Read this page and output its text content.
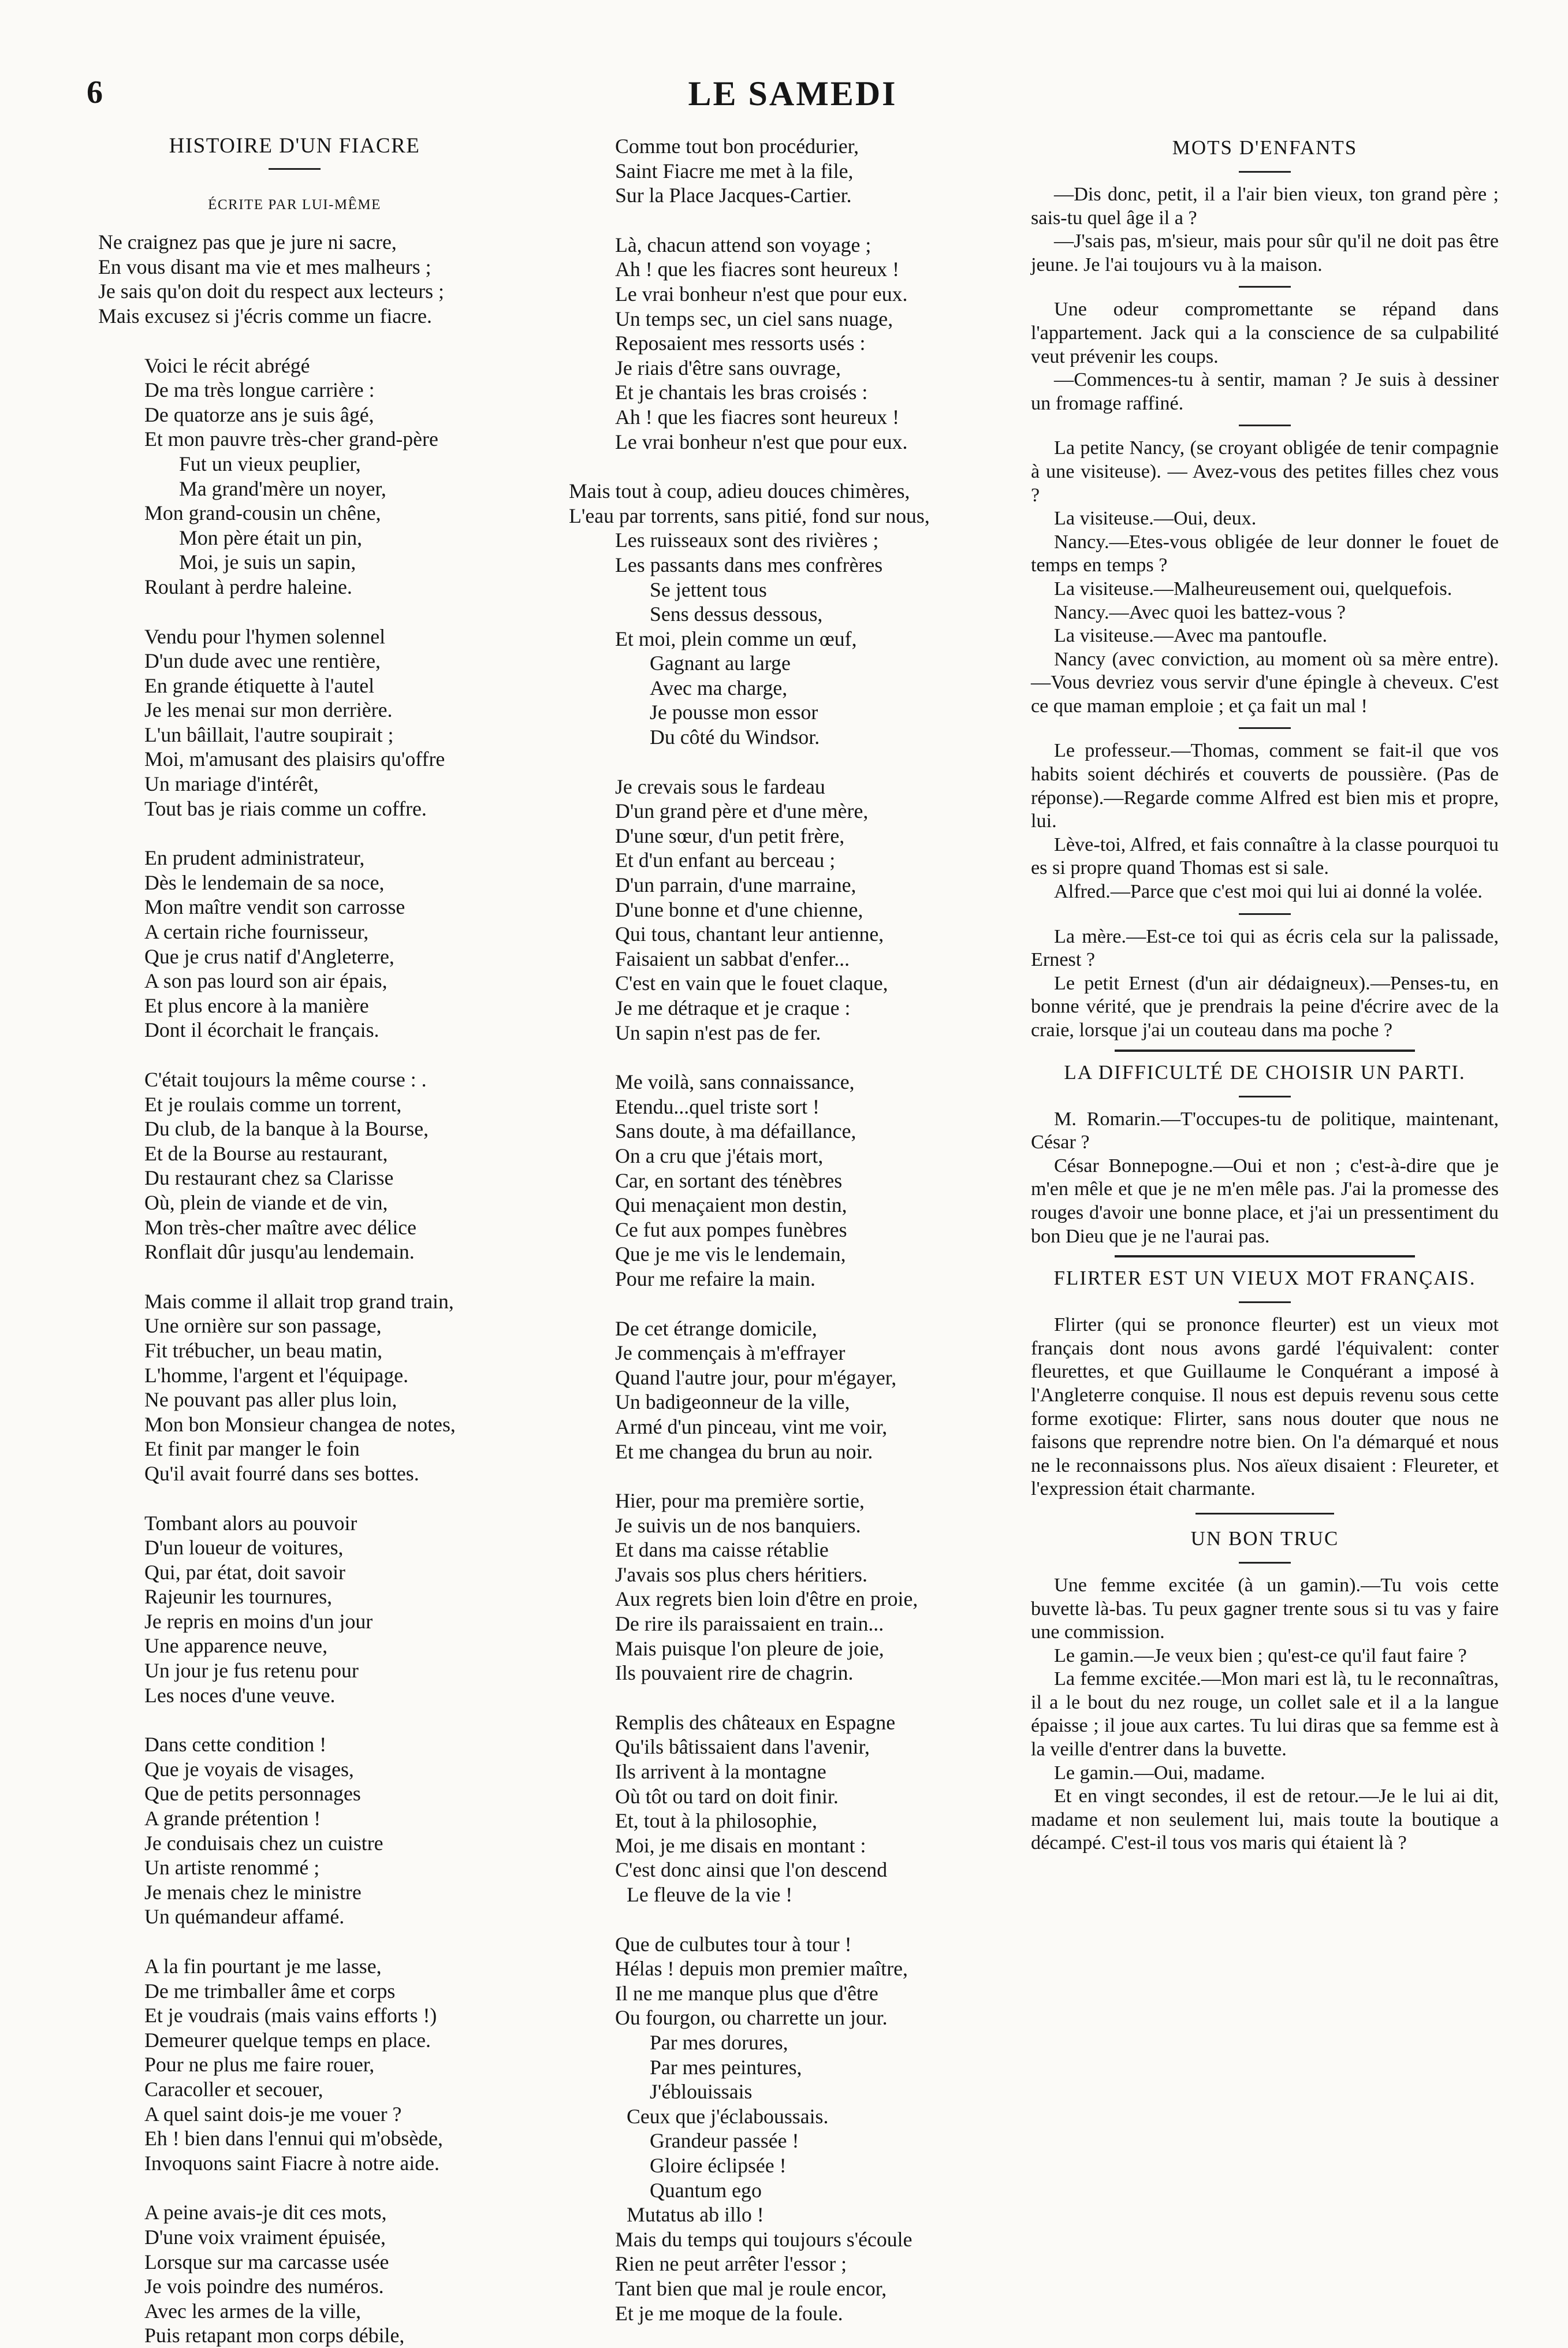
6	LE SAMEDI
HISTOIRE D'UN FIACRE
ÉCRITE PAR LUI-MÊME
Ne craignez pas que je jure ni sacre,
En vous disant ma vie et mes malheurs ;
Je sais qu'on doit du respect aux lecteurs ;
Mais excusez si j'écris comme un fiacre.
Voici le récit abrégé
De ma très longue carrière :
De quatorze ans je suis âgé,
Et mon pauvre très-cher grand-père
Fut un vieux peuplier,
Ma grand'mère un noyer,
Mon grand-cousin un chêne,
Mon père était un pin,
Moi, je suis un sapin,
Roulant à perdre haleine.
Vendu pour l'hymen solennel
D'un dude avec une rentière,
En grande étiquette à l'autel
Je les menai sur mon derrière.
L'un bâillait, l'autre soupirait ;
Moi, m'amusant des plaisirs qu'offre
Un mariage d'intérêt,
Tout bas je riais comme un coffre.
En prudent administrateur,
Dès le lendemain de sa noce,
Mon maître vendit son carrosse
A certain riche fournisseur,
Que je crus natif d'Angleterre,
A son pas lourd son air épais,
Et plus encore à la manière
Dont il écorchait le français.
C'était toujours la même course : .
Et je roulais comme un torrent,
Du club, de la banque à la Bourse,
Et de la Bourse au restaurant,
Du restaurant chez sa Clarisse
Où, plein de viande et de vin,
Mon très-cher maître avec délice
Ronflait dûr jusqu'au lendemain.
Mais comme il allait trop grand train,
Une ornière sur son passage,
Fit trébucher, un beau matin,
L'homme, l'argent et l'équipage.
Ne pouvant pas aller plus loin,
Mon bon Monsieur changea de notes,
Et finit par manger le foin
Qu'il avait fourré dans ses bottes.
Tombant alors au pouvoir
D'un loueur de voitures,
Qui, par état, doit savoir
Rajeunir les tournures,
Je repris en moins d'un jour
Une apparence neuve,
Un jour je fus retenu pour
Les noces d'une veuve.
Dans cette condition !
Que je voyais de visages,
Que de petits personnages
A grande prétention !
Je conduisais chez un cuistre
Un artiste renommé ;
Je menais chez le ministre
Un quémandeur affamé.
A la fin pourtant je me lasse,
De me trimballer âme et corps
Et je voudrais (mais vains efforts !)
Demeurer quelque temps en place.
Pour ne plus me faire rouer,
Caracoller et secouer,
A quel saint dois-je me vouer ?
Eh ! bien dans l'ennui qui m'obsède,
Invoquons saint Fiacre à notre aide.
A peine avais-je dit ces mots,
D'une voix vraiment épuisée,
Lorsque sur ma carcasse usée
Je vois poindre des numéros.
Avec les armes de la ville,
Puis retapant mon corps débile,
Comme tout bon procédurier,
Saint Fiacre me met à la file,
Sur la Place Jacques-Cartier.
Là, chacun attend son voyage ;
Ah ! que les fiacres sont heureux !
Le vrai bonheur n'est que pour eux.
Un temps sec, un ciel sans nuage,
Reposaient mes ressorts usés :
Je riais d'être sans ouvrage,
Et je chantais les bras croisés :
Ah ! que les fiacres sont heureux !
Le vrai bonheur n'est que pour eux.
Mais tout à coup, adieu douces chimères,
L'eau par torrents, sans pitié, fond sur nous,
Les ruisseaux sont des rivières ;
Les passants dans mes confrères
Se jettent tous
Sens dessus dessous,
Et moi, plein comme un œuf,
Gagnant au large
Avec ma charge,
Je pousse mon essor
Du côté du Windsor.
Je crevais sous le fardeau
D'un grand père et d'une mère,
D'une sœur, d'un petit frère,
Et d'un enfant au berceau ;
D'un parrain, d'une marraine,
D'une bonne et d'une chienne,
Qui tous, chantant leur antienne,
Faisaient un sabbat d'enfer...
C'est en vain que le fouet claque,
Je me détraque et je craque :
Un sapin n'est pas de fer.
Me voilà, sans connaissance,
Etendu...quel triste sort !
Sans doute, à ma défaillance,
On a cru que j'étais mort,
Car, en sortant des ténèbres
Qui menaçaient mon destin,
Ce fut aux pompes funèbres
Que je me vis le lendemain,
Pour me refaire la main.
De cet étrange domicile,
Je commençais à m'effrayer
Quand l'autre jour, pour m'égayer,
Un badigeonneur de la ville,
Armé d'un pinceau, vint me voir,
Et me changea du brun au noir.
Hier, pour ma première sortie,
Je suivis un de nos banquiers.
Et dans ma caisse rétablie
J'avais sos plus chers héritiers.
Aux regrets bien loin d'être en proie,
De rire ils paraissaient en train...
Mais puisque l'on pleure de joie,
Ils pouvaient rire de chagrin.
Remplis des châteaux en Espagne
Qu'ils bâtissaient dans l'avenir,
Ils arrivent à la montagne
Où tôt ou tard on doit finir.
Et, tout à la philosophie,
Moi, je me disais en montant :
C'est donc ainsi que l'on descend
Le fleuve de la vie !
Que de culbutes tour à tour !
Hélas ! depuis mon premier maître,
Il ne me manque plus que d'être
Ou fourgon, ou charrette un jour.
Par mes dorures,
Par mes peintures,
J'éblouissais
Ceux que j'éclaboussais.
Grandeur passée !
Gloire éclipsée !
Quantum ego
Mutatus ab illo !
Mais du temps qui toujours s'écoule
Rien ne peut arrêter l'essor ;
Tant bien que mal je roule encor,
Et je me moque de la foule.
MOTS D'ENFANTS

—Dis donc, petit, il a l'air bien vieux, ton grand père ; sais-tu quel âge il a ?

—J'sais pas, m'sieur, mais pour sûr qu'il ne doit pas être jeune. Je l'ai toujours vu à la maison.

Une odeur compromettante se répand dans l'appartement. Jack qui a la conscience de sa culpabilité veut prévenir les coups.

—Commences-tu à sentir, maman ? Je suis à dessiner un fromage raffiné.

La petite Nancy, (se croyant obligée de tenir compagnie à une visiteuse). — Avez-vous des petites filles chez vous ?

La visiteuse.—Oui, deux.

Nancy.—Etes-vous obligée de leur donner le fouet de temps en temps ?

La visiteuse.—Malheureusement oui, quelquefois.

Nancy.—Avec quoi les battez-vous ?

La visiteuse.—Avec ma pantoufle.

Nancy (avec conviction, au moment où sa mère entre).—Vous devriez vous servir d'une épingle à cheveux. C'est ce que maman emploie ; et ça fait un mal !

Le professeur.—Thomas, comment se fait-il que vos habits soient déchirés et couverts de poussière. (Pas de réponse).—Regarde comme Alfred est bien mis et propre, lui.

Lève-toi, Alfred, et fais connaître à la classe pourquoi tu es si propre quand Thomas est si sale.

Alfred.—Parce que c'est moi qui lui ai donné la volée.

La mère.—Est-ce toi qui as écris cela sur la palissade, Ernest ?

Le petit Ernest (d'un air dédaigneux).—Penses-tu, en bonne vérité, que je prendrais la peine d'écrire avec de la craie, lorsque j'ai un couteau dans ma poche ?

LA DIFFICULTÉ DE CHOISIR UN PARTI.

M. Romarin.—T'occupes-tu de politique, maintenant, César ?

César Bonnepogne.—Oui et non ; c'est-à-dire que je m'en mêle et que je ne m'en mêle pas. J'ai la promesse des rouges d'avoir une bonne place, et j'ai un pressentiment du bon Dieu que je ne l'aurai pas.

FLIRTER EST UN VIEUX MOT FRANÇAIS.

Flirter (qui se prononce fleurter) est un vieux mot français dont nous avons gardé l'équivalent: conter fleurettes, et que Guillaume le Conquérant a imposé à l'Angleterre conquise. Il nous est depuis revenu sous cette forme exotique: Flirter, sans nous douter que nous ne faisons que reprendre notre bien. On l'a démarqué et nous ne le reconnaissons plus. Nos aïeux disaient : Fleureter, et l'expression était charmante.

UN BON TRUC

Une femme excitée (à un gamin).—Tu vois cette buvette là-bas. Tu peux gagner trente sous si tu vas y faire une commission.

Le gamin.—Je veux bien ; qu'est-ce qu'il faut faire ?

La femme excitée.—Mon mari est là, tu le reconnaîtras, il a le bout du nez rouge, un collet sale et il a la langue épaisse ; il joue aux cartes. Tu lui diras que sa femme est à la veille d'entrer dans la buvette.

Le gamin.—Oui, madame.

Et en vingt secondes, il est de retour.—Je le lui ai dit, madame et non seulement lui, mais toute la boutique a décampé. C'est-il tous vos maris qui étaient là ?
